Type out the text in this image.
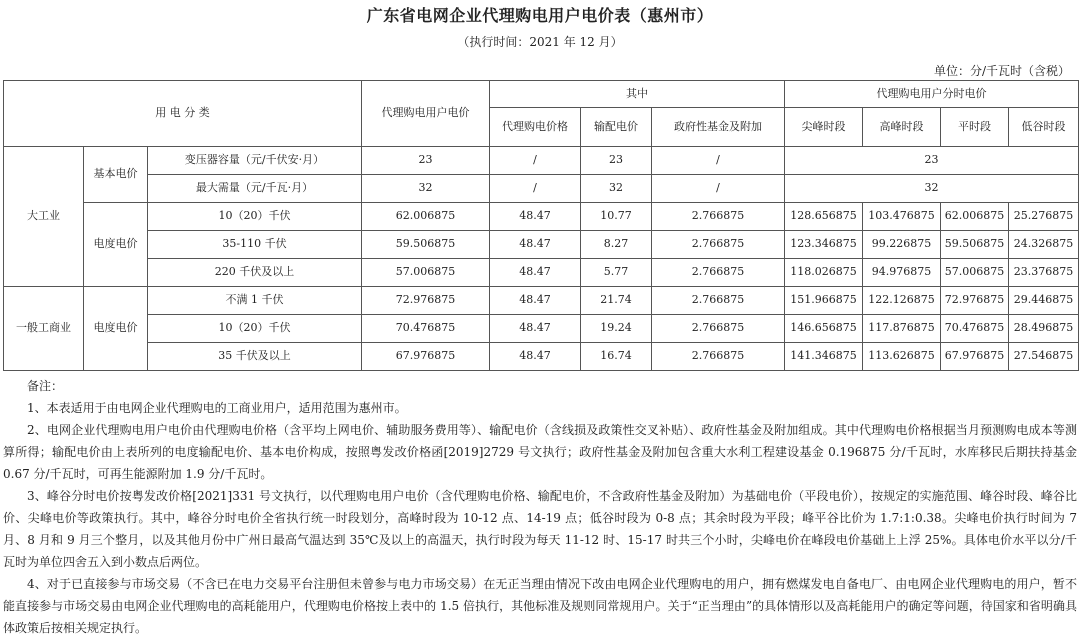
广东省电网企业代理购电用户电价表（惠州市）
（执行时间：2021 年 12 月）
单位：分/千瓦时（含税）
用 电 分 类			代理购电用户电价	其中			代理购电用户分时电价			
				代理购电价格	输配电价	政府性基金及附加	尖峰时段	高峰时段	平时段	低谷时段
大工业	基本电价	变压器容量（元/千伏安·月）	23	/	23	/	23			
		最大需量（元/千瓦·月）	32	/	32	/	32			
	电度电价	10（20）千伏	62.006875	48.47	10.77	2.766875	128.656875	103.476875	62.006875	25.276875
		35-110 千伏	59.506875	48.47	8.27	2.766875	123.346875	99.226875	59.506875	24.326875
		220 千伏及以上	57.006875	48.47	5.77	2.766875	118.026875	94.976875	57.006875	23.376875
一般工商业	电度电价	不满 1 千伏	72.976875	48.47	21.74	2.766875	151.966875	122.126875	72.976875	29.446875
		10（20）千伏	70.476875	48.47	19.24	2.766875	146.656875	117.876875	70.476875	28.496875
		35 千伏及以上	67.976875	48.47	16.74	2.766875	141.346875	113.626875	67.976875	27.546875

备注：

1、本表适用于由电网企业代理购电的工商业用户，适用范围为惠州市。

2、电网企业代理购电用户电价由代理购电价格（含平均上网电价、辅助服务费用等）、输配电价（含线损及政策性交叉补贴）、政府性基金及附加组成。其中代理购电价格根据当月预测购电成本等测算所得；输配电价由上表所列的电度输配电价、基本电价构成，按照粤发改价格函[2019]2729 号文执行；政府性基金及附加包含重大水利工程建设基金 0.196875 分/千瓦时，水库移民后期扶持基金 0.67 分/千瓦时，可再生能源附加 1.9 分/千瓦时。

3、峰谷分时电价按粤发改价格[2021]331 号文执行，以代理购电用户电价（含代理购电价格、输配电价，不含政府性基金及附加）为基础电价（平段电价），按规定的实施范围、峰谷时段、峰谷比价、尖峰电价等政策执行。其中，峰谷分时电价全省执行统一时段划分，高峰时段为 10-12 点、14-19 点；低谷时段为 0-8 点；其余时段为平段；峰平谷比价为 1.7:1:0.38。尖峰电价执行时间为 7 月、8 月和 9 月三个整月，以及其他月份中广州日最高气温达到 35℃及以上的高温天，执行时段为每天 11-12 时、15-17 时共三个小时，尖峰电价在峰段电价基础上上浮 25%。具体电价水平以分/千瓦时为单位四舍五入到小数点后两位。

4、对于已直接参与市场交易（不含已在电力交易平台注册但未曾参与电力市场交易）在无正当理由情况下改由电网企业代理购电的用户，拥有燃煤发电自备电厂、由电网企业代理购电的用户，暂不能直接参与市场交易由电网企业代理购电的高耗能用户，代理购电价格按上表中的 1.5 倍执行，其他标准及规则同常规用户。关于“正当理由”的具体情形以及高耗能用户的确定等问题，待国家和省明确具体政策后按相关规定执行。
